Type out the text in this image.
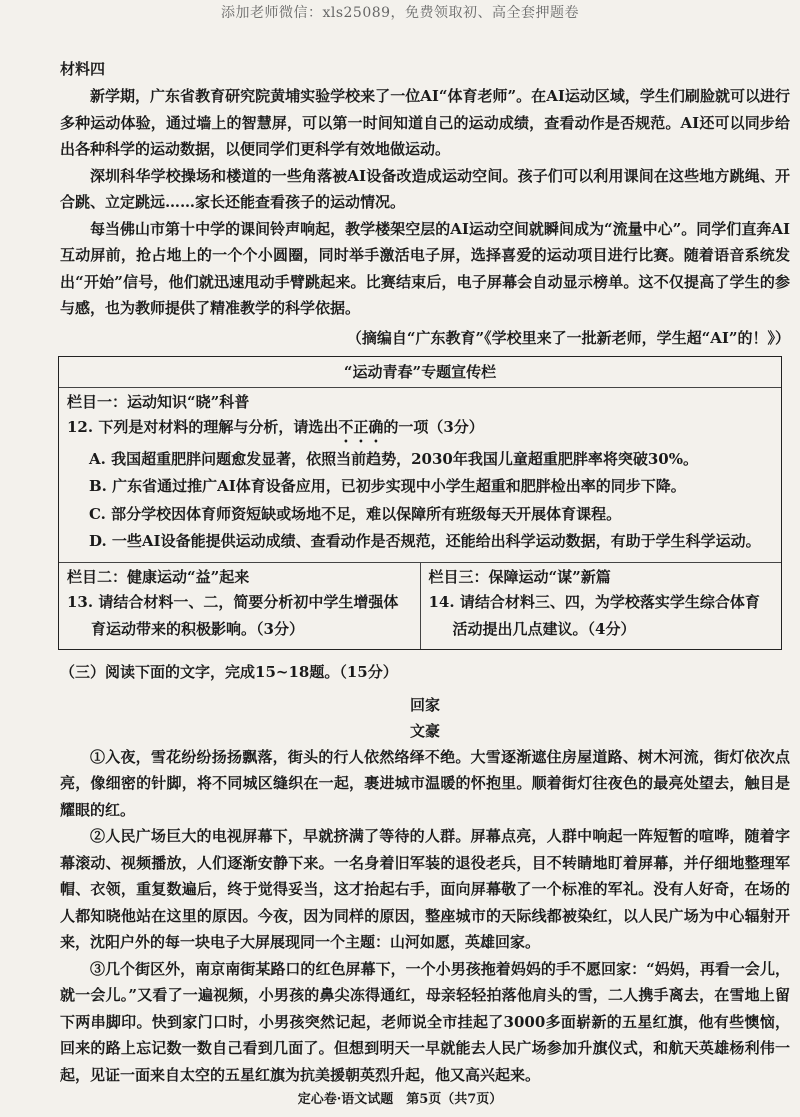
添加老师微信：xls25089，免费领取初、高全套押题卷
材料四

新学期，广东省教育研究院黄埔实验学校来了一位AI“体育老师”。在AI运动区域，学生们刷脸就可以进行多种运动体验，通过墙上的智慧屏，可以第一时间知道自己的运动成绩，查看动作是否规范。AI还可以同步给出各种科学的运动数据，以便同学们更科学有效地做运动。

深圳科华学校操场和楼道的一些角落被AI设备改造成运动空间。孩子们可以利用课间在这些地方跳绳、开合跳、立定跳远……家长还能查看孩子的运动情况。

每当佛山市第十中学的课间铃声响起，教学楼架空层的AI运动空间就瞬间成为“流量中心”。同学们直奔AI互动屏前，抢占地上的一个个小圆圈，同时举手激活电子屏，选择喜爱的运动项目进行比赛。随着语音系统发出“开始”信号，他们就迅速甩动手臂跳起来。比赛结束后，电子屏幕会自动显示榜单。这不仅提高了学生的参与感，也为教师提供了精准教学的科学依据。

（摘编自“广东教育”《学校里来了一批新老师，学生超“AI”的！》）
“运动青春”专题宣传栏
栏目一：运动知识“晓”科普
12. 下列是对材料的理解与分析，请选出不正确的一项（3分）
A. 我国超重肥胖问题愈发显著，依照当前趋势，2030年我国儿童超重肥胖率将突破30%。
B. 广东省通过推广AI体育设备应用，已初步实现中小学生超重和肥胖检出率的同步下降。
C. 部分学校因体育师资短缺或场地不足，难以保障所有班级每天开展体育课程。
D. 一些AI设备能提供运动成绩、查看动作是否规范，还能给出科学运动数据，有助于学生科学运动。
栏目二：健康运动“益”起来
13. 请结合材料一、二，简要分析初中学生增强体育运动带来的积极影响。（3分）
栏目三：保障运动“谋”新篇
14. 请结合材料三、四，为学校落实学生综合体育活动提出几点建议。（4分）
（三）阅读下面的文字，完成15~18题。（15分）
回家
文豪

①入夜，雪花纷纷扬扬飘落，街头的行人依然络绎不绝。大雪逐渐遮住房屋道路、树木河流，街灯依次点亮，像细密的针脚，将不同城区缝织在一起，裹进城市温暖的怀抱里。顺着街灯往夜色的最亮处望去，触目是耀眼的红。

②人民广场巨大的电视屏幕下，早就挤满了等待的人群。屏幕点亮，人群中响起一阵短暂的喧哗，随着字幕滚动、视频播放，人们逐渐安静下来。一名身着旧军装的退役老兵，目不转睛地盯着屏幕，并仔细地整理军帽、衣领，重复数遍后，终于觉得妥当，这才抬起右手，面向屏幕敬了一个标准的军礼。没有人好奇，在场的人都知晓他站在这里的原因。今夜，因为同样的原因，整座城市的天际线都被染红，以人民广场为中心辐射开来，沈阳户外的每一块电子大屏展现同一个主题：山河如愿，英雄回家。

③几个街区外，南京南街某路口的红色屏幕下，一个小男孩拖着妈妈的手不愿回家：“妈妈，再看一会儿，就一会儿。”又看了一遍视频，小男孩的鼻尖冻得通红，母亲轻轻拍落他肩头的雪，二人携手离去，在雪地上留下两串脚印。快到家门口时，小男孩突然记起，老师说全市挂起了3000多面崭新的五星红旗，他有些懊恼，回来的路上忘记数一数自己看到几面了。但想到明天一早就能去人民广场参加升旗仪式，和航天英雄杨利伟一起，见证一面来自太空的五星红旗为抗美援朝英烈升起，他又高兴起来。

定心卷·语文试题　第5页（共7页）
